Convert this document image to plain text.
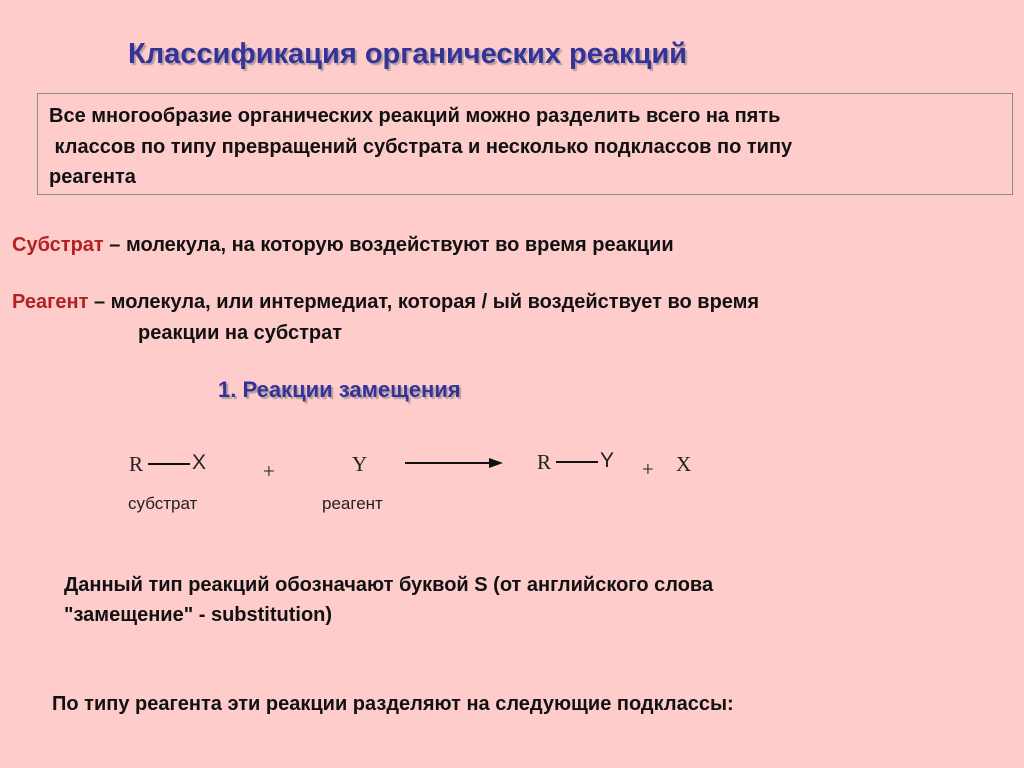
Классификация органических реакций
Все многообразие органических реакций можно разделить всего на пять
классов по типу превращений субстрата и несколько подклассов по типу
реагента
Субстрат – молекула, на которую воздействуют во время реакции
Реагент – молекула, или интермедиат, которая / ый воздействует во время
реакции на субстрат
1. Реакции замещения
R X	+	Y	R Y + X
субстрат	реагент
Данный тип реакций обозначают буквой S (от английского слова
"замещение" - substitution)
По типу реагента эти реакции разделяют на следующие подклассы:
